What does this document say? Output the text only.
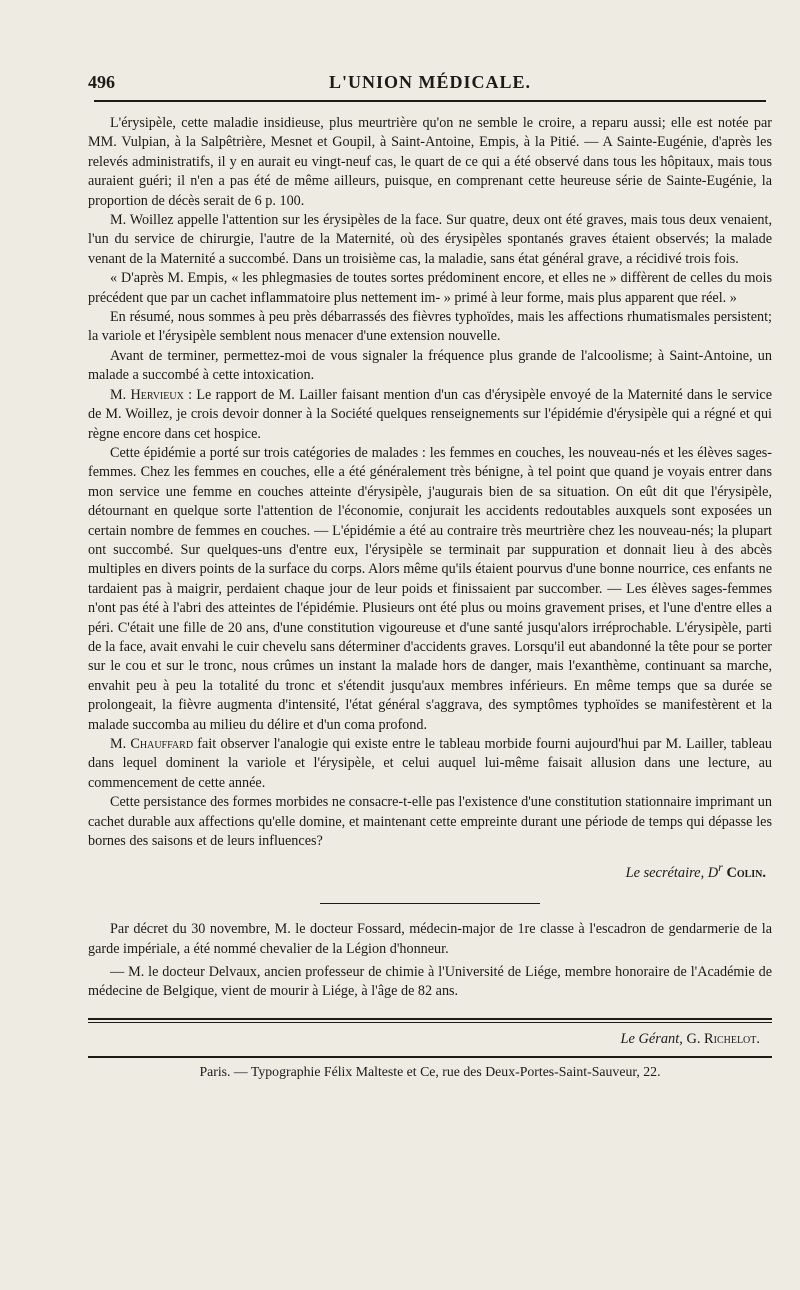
496	L'UNION MÉDICALE.

L'érysipèle, cette maladie insidieuse, plus meurtrière qu'on ne semble le croire, a reparu aussi; elle est notée par MM. Vulpian, à la Salpêtrière, Mesnet et Goupil, à Saint-Antoine, Empis, à la Pitié. — A Sainte-Eugénie, d'après les relevés administratifs, il y en aurait eu vingt-neuf cas, le quart de ce qui a été observé dans tous les hôpitaux, mais tous auraient guéri; il n'en a pas été de même ailleurs, puisque, en comprenant cette heureuse série de Sainte-Eugénie, la proportion de décès serait de 6 p. 100.

M. Woillez appelle l'attention sur les érysipèles de la face. Sur quatre, deux ont été graves, mais tous deux venaient, l'un du service de chirurgie, l'autre de la Maternité, où des érysipèles spontanés graves étaient observés; la malade venant de la Maternité a succombé. Dans un troisième cas, la maladie, sans état général grave, a récidivé trois fois.

« D'après M. Empis, « les phlegmasies de toutes sortes prédominent encore, et elles ne » diffèrent de celles du mois précédent que par un cachet inflammatoire plus nettement im- » primé à leur forme, mais plus apparent que réel. »

En résumé, nous sommes à peu près débarrassés des fièvres typhoïdes, mais les affections rhumatismales persistent; la variole et l'érysipèle semblent nous menacer d'une extension nouvelle.

Avant de terminer, permettez-moi de vous signaler la fréquence plus grande de l'alcoolisme; à Saint-Antoine, un malade a succombé à cette intoxication.

M. Hervieux : Le rapport de M. Lailler faisant mention d'un cas d'érysipèle envoyé de la Maternité dans le service de M. Woillez, je crois devoir donner à la Société quelques renseignements sur l'épidémie d'érysipèle qui a régné et qui règne encore dans cet hospice.

Cette épidémie a porté sur trois catégories de malades : les femmes en couches, les nouveau-nés et les élèves sages-femmes. Chez les femmes en couches, elle a été généralement très bénigne, à tel point que quand je voyais entrer dans mon service une femme en couches atteinte d'érysipèle, j'augurais bien de sa situation. On eût dit que l'érysipèle, détournant en quelque sorte l'attention de l'économie, conjurait les accidents redoutables auxquels sont exposées un certain nombre de femmes en couches. — L'épidémie a été au contraire très meurtrière chez les nouveau-nés; la plupart ont succombé. Sur quelques-uns d'entre eux, l'érysipèle se terminait par suppuration et donnait lieu à des abcès multiples en divers points de la surface du corps. Alors même qu'ils étaient pourvus d'une bonne nourrice, ces enfants ne tardaient pas à maigrir, perdaient chaque jour de leur poids et finissaient par succomber. — Les élèves sages-femmes n'ont pas été à l'abri des atteintes de l'épidémie. Plusieurs ont été plus ou moins gravement prises, et l'une d'entre elles a péri. C'était une fille de 20 ans, d'une constitution vigoureuse et d'une santé jusqu'alors irréprochable. L'érysipèle, parti de la face, avait envahi le cuir chevelu sans déterminer d'accidents graves. Lorsqu'il eut abandonné la tête pour se porter sur le cou et sur le tronc, nous crûmes un instant la malade hors de danger, mais l'exanthème, continuant sa marche, envahit peu à peu la totalité du tronc et s'étendit jusqu'aux membres inférieurs. En même temps que sa durée se prolongeait, la fièvre augmenta d'intensité, l'état général s'aggrava, des symptômes typhoïdes se manifestèrent et la malade succomba au milieu du délire et d'un coma profond.

M. Chauffard fait observer l'analogie qui existe entre le tableau morbide fourni aujourd'hui par M. Lailler, tableau dans lequel dominent la variole et l'érysipèle, et celui auquel lui-même faisait allusion dans une lecture, au commencement de cette année.

Cette persistance des formes morbides ne consacre-t-elle pas l'existence d'une constitution stationnaire imprimant un cachet durable aux affections qu'elle domine, et maintenant cette empreinte durant une période de temps qui dépasse les bornes des saisons et de leurs influences?

Le secrétaire, $D^r$ Colin.

Par décret du 30 novembre, M. le docteur Fossard, médecin-major de 1re classe à l'escadron de gendarmerie de la garde impériale, a été nommé chevalier de la Légion d'honneur.

— M. le docteur Delvaux, ancien professeur de chimie à l'Université de Liége, membre honoraire de l'Académie de médecine de Belgique, vient de mourir à Liége, à l'âge de 82 ans.

Le Gérant, G. Richelot.
Paris. — Typographie Félix Malteste et Ce, rue des Deux-Portes-Saint-Sauveur, 22.
